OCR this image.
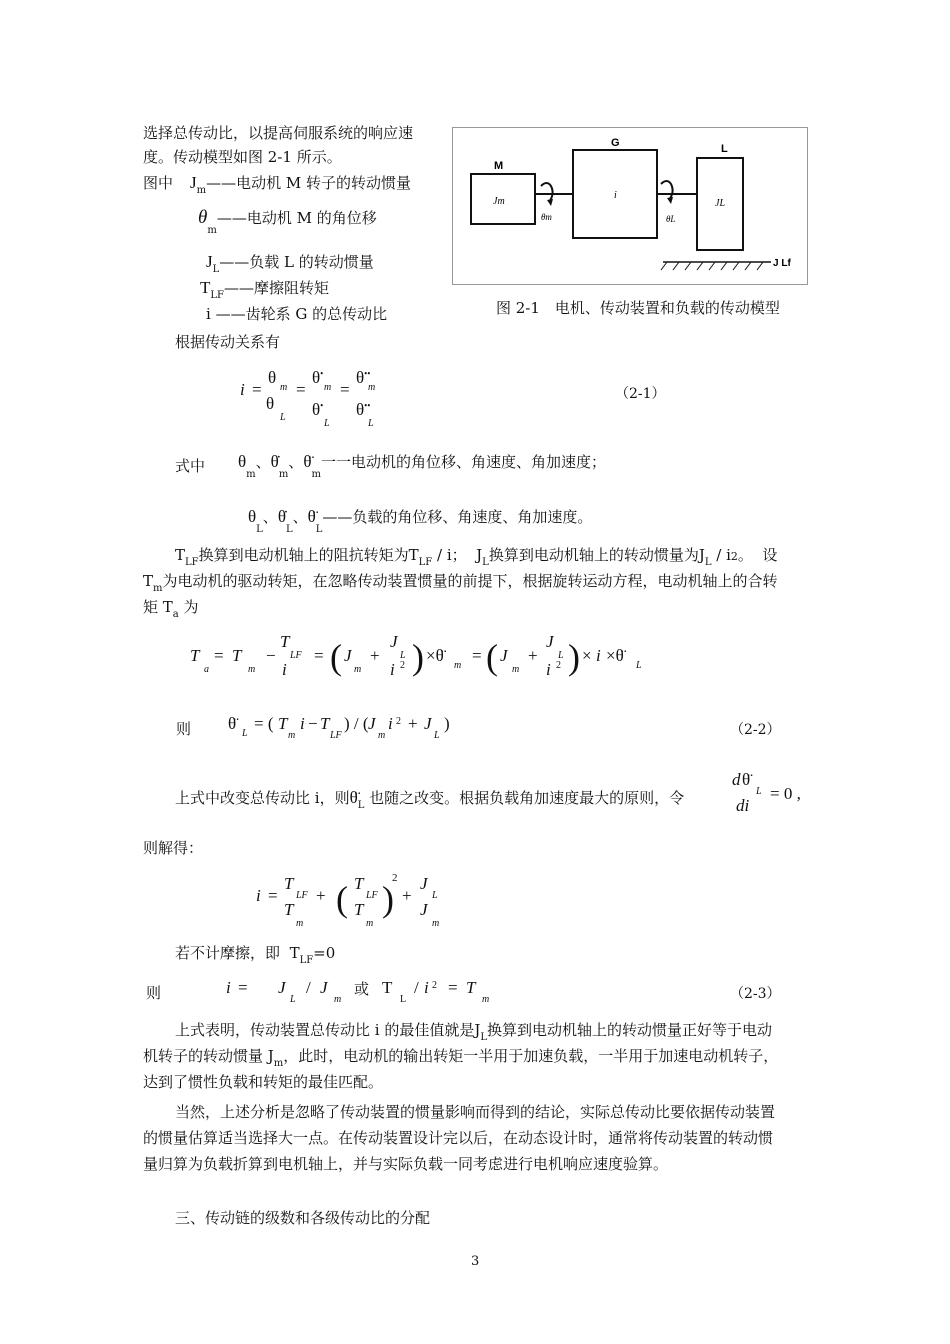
选择总传动比，以提高伺服系统的响应速
度。传动模型如图 2-1 所示。
图中 $J_m——$电动机 M 转子的转动惯量
$\theta_m——$电动机 M 的角位移
$J_L——$负载 L 的转动惯量
$T_{LF}——$摩擦阻转矩
i ——齿轮系 G 的总传动比
M
Jm
θm
G
i
θL
L
JL
J Lf
图 2-1　电机、传动装置和负载的传动模型
根据传动关系有
i =
θ
m
θ
L
=
θ•
m
θ•
L
=
θ••
m
θ••
L
（2-1）
式中 $\theta_m$、$\thetȧ_m$、$\thetä_m$一一电动机的角位移、角速度、角加速度；
$\theta_L$、$\thetȧ_L$、$\thetä_L——$负载的角位移、角速度、角加速度。
$T_{LF}$换算到电动机轴上的阻抗转矩为$T_{LF}$ / i；  $J_L$换算到电动机轴上的转动惯量为$J_L / i2$。  设
$T_m$为电动机的驱动转矩，在忽略传动装置惯量的前提下，根据旋转运动方程，电动机轴上的合转
矩 $T_a$ 为
T
a
= T
m
−
T
LF
i
= ( J
m
+
J
L
i 2 ) ×θ̈
m
= ( J
m
+
J
L
i 2 ) × i ×θ̈
L
则 θ̈
L
= ( T
m
i − T
LF
) / ( J
m
i 2 + J
L
)	（2-2）
上式中改变总传动比 i，则$\thetä_L$ 也随之改变。根据负载角加速度最大的原则，令
d θ̈
L
di
= 0 ,
则解得：
i =
T
LF
T
m
+ ( T
LF
T
m
)
2
+
J
L
J
m
若不计摩擦，即 $T_{LF}=0$
则	i = J
L
/ J
m
或 T
L
/ i 2 = T
m	（2-3）
上式表明，传动装置总传动比 i 的最佳值就是$J_L$换算到电动机轴上的转动惯量正好等于电动
机转子的转动惯量 $J_m$，此时，电动机的输出转矩一半用于加速负载，一半用于加速电动机转子，
达到了惯性负载和转矩的最佳匹配。
当然，上述分析是忽略了传动装置的惯量影响而得到的结论，实际总传动比要依据传动装置
的惯量估算适当选择大一点。在传动装置设计完以后，在动态设计时，通常将传动装置的转动惯
量归算为负载折算到电机轴上，并与实际负载一同考虑进行电机响应速度验算。
三、传动链的级数和各级传动比的分配
3
